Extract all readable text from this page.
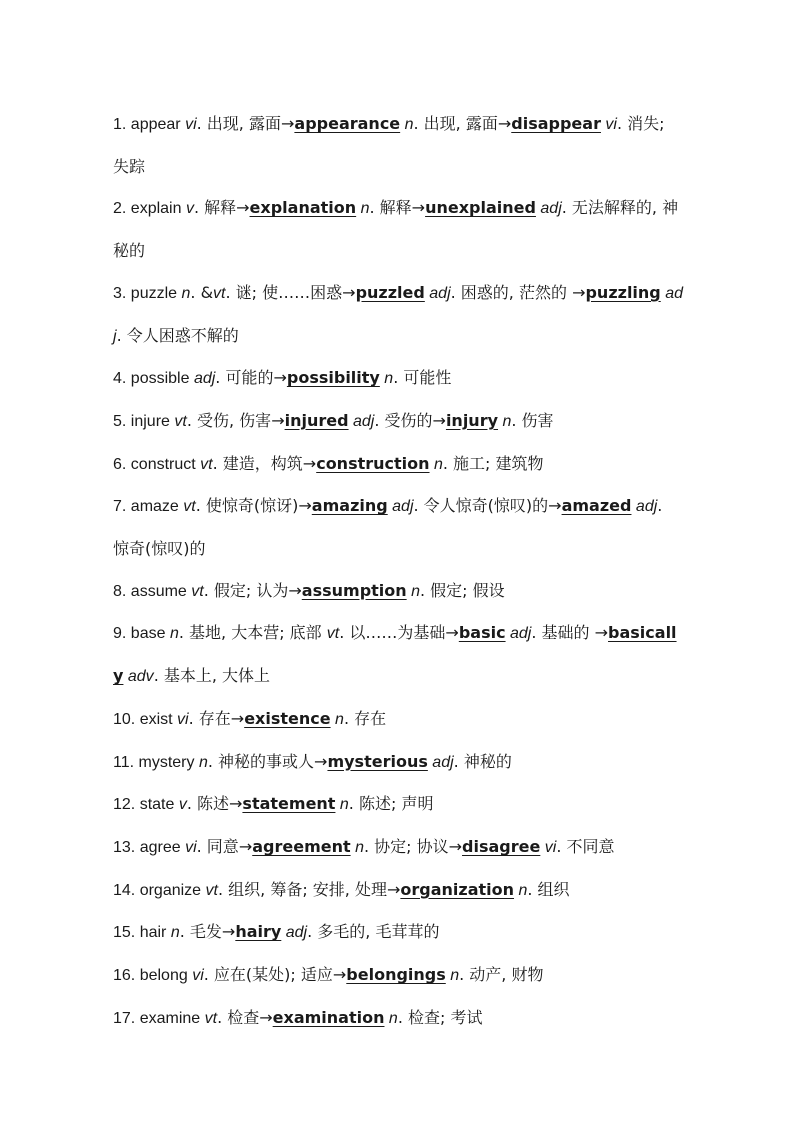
1. appear vi. 出现, 露面→appearance n. 出现, 露面→disappear vi. 消失; 失踪
2. explain v. 解释→explanation n. 解释→unexplained adj. 无法解释的, 神秘的
3. puzzle n. &vt. 谜; 使……困惑→puzzled adj. 困惑的, 茫然的 →puzzling adj. 令人困惑不解的
4. possible adj. 可能的→possibility n. 可能性
5. injure vt. 受伤, 伤害→injured adj. 受伤的→injury n. 伤害
6. construct vt. 建造，构筑→construction n. 施工; 建筑物
7. amaze vt. 使惊奇(惊讶)→amazing adj. 令人惊奇(惊叹)的→amazed adj.　惊奇(惊叹)的
8. assume vt. 假定; 认为→assumption n. 假定; 假设
9. base n. 基地, 大本营; 底部 vt. 以……为基础→basic adj. 基础的 →basically adv. 基本上, 大体上
10. exist vi. 存在→existence n. 存在
11. mystery n. 神秘的事或人→mysterious adj. 神秘的
12. state v. 陈述→statement n. 陈述; 声明
13. agree vi. 同意→agreement n. 协定; 协议→disagree vi. 不同意
14. organize vt. 组织, 筹备; 安排, 处理→organization n. 组织
15. hair n. 毛发→hairy adj. 多毛的, 毛茸茸的
16. belong vi. 应在(某处); 适应→belongings n. 动产, 财物
17. examine vt. 检查→examination n. 检查; 考试
